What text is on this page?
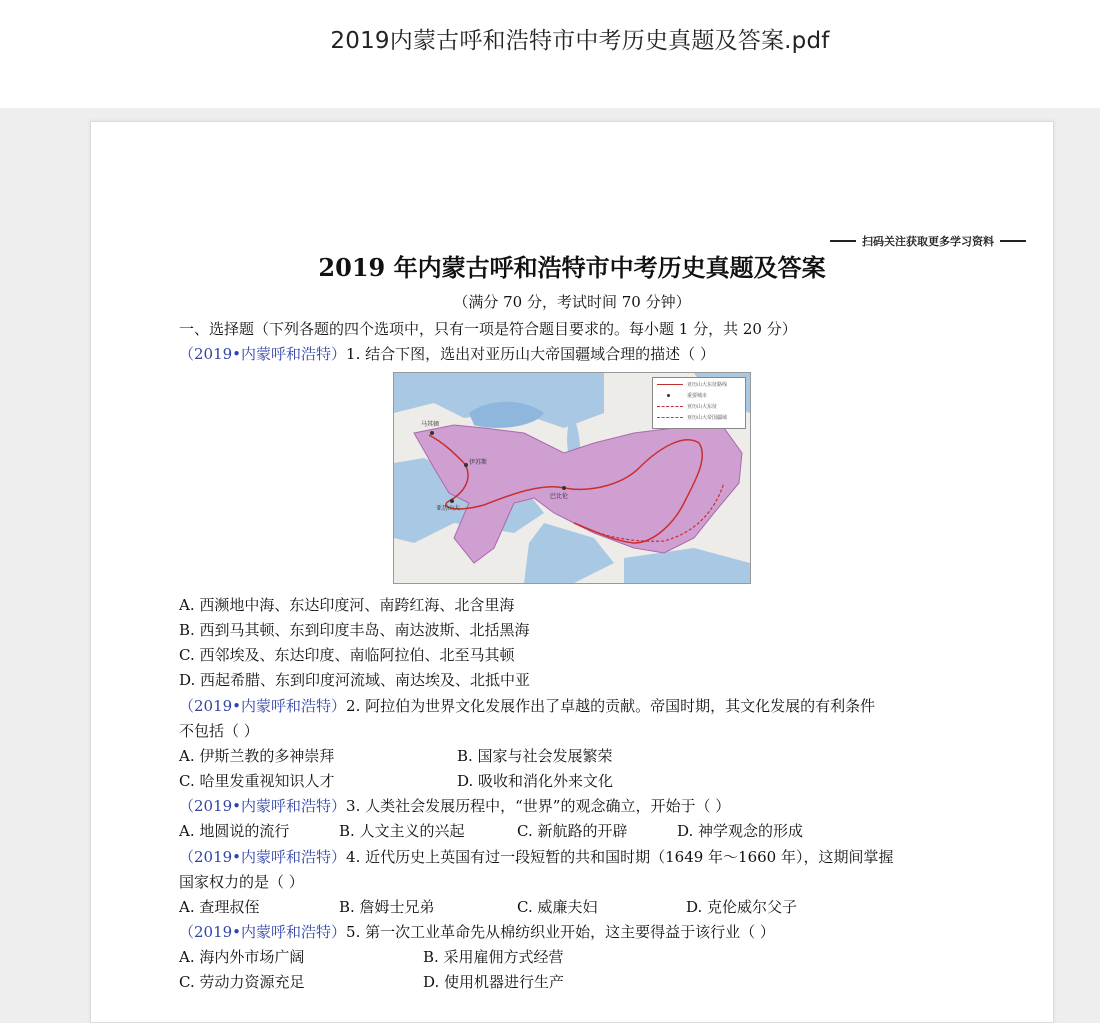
2019内蒙古呼和浩特市中考历史真题及答案.pdf
扫码关注获取更多学习资料
2019 年内蒙古呼和浩特市中考历史真题及答案
（满分 70 分，考试时间 70 分钟）
一、选择题（下列各题的四个选项中，只有一项是符合题目要求的。每小题 1 分，共 20 分）
（2019•内蒙呼和浩特）1. 结合下图，选出对亚历山大帝国疆域合理的描述（ ）
亚历山大东征路线
重要城市
亚历山大东征
亚历山大帝国疆域
马其顿
伊苏斯
亚历山大
巴比伦
A. 西濒地中海、东达印度河、南跨红海、北含里海
B. 西到马其顿、东到印度丰岛、南达波斯、北括黑海
C. 西邻埃及、东达印度、南临阿拉伯、北至马其顿
D. 西起希腊、东到印度河流域、南达埃及、北抵中亚
（2019•内蒙呼和浩特）2. 阿拉伯为世界文化发展作出了卓越的贡献。帝国时期，其文化发展的有利条件
不包括（ ）
A. 伊斯兰教的多神崇拜	B. 国家与社会发展繁荣
C. 哈里发重视知识人才	D. 吸收和消化外来文化
（2019•内蒙呼和浩特）3. 人类社会发展历程中，“世界”的观念确立，开始于（ ）
A. 地圆说的流行	B. 人文主义的兴起	C. 新航路的开辟	D. 神学观念的形成
（2019•内蒙呼和浩特）4. 近代历史上英国有过一段短暂的共和国时期（1649 年～1660 年），这期间掌握
国家权力的是（ ）
A. 查理叔侄	B. 詹姆士兄弟	C. 威廉夫妇	D. 克伦威尔父子
（2019•内蒙呼和浩特）5. 第一次工业革命先从棉纺织业开始，这主要得益于该行业（ ）
A. 海内外市场广阔	B. 采用雇佣方式经营
C. 劳动力资源充足	D. 使用机器进行生产
